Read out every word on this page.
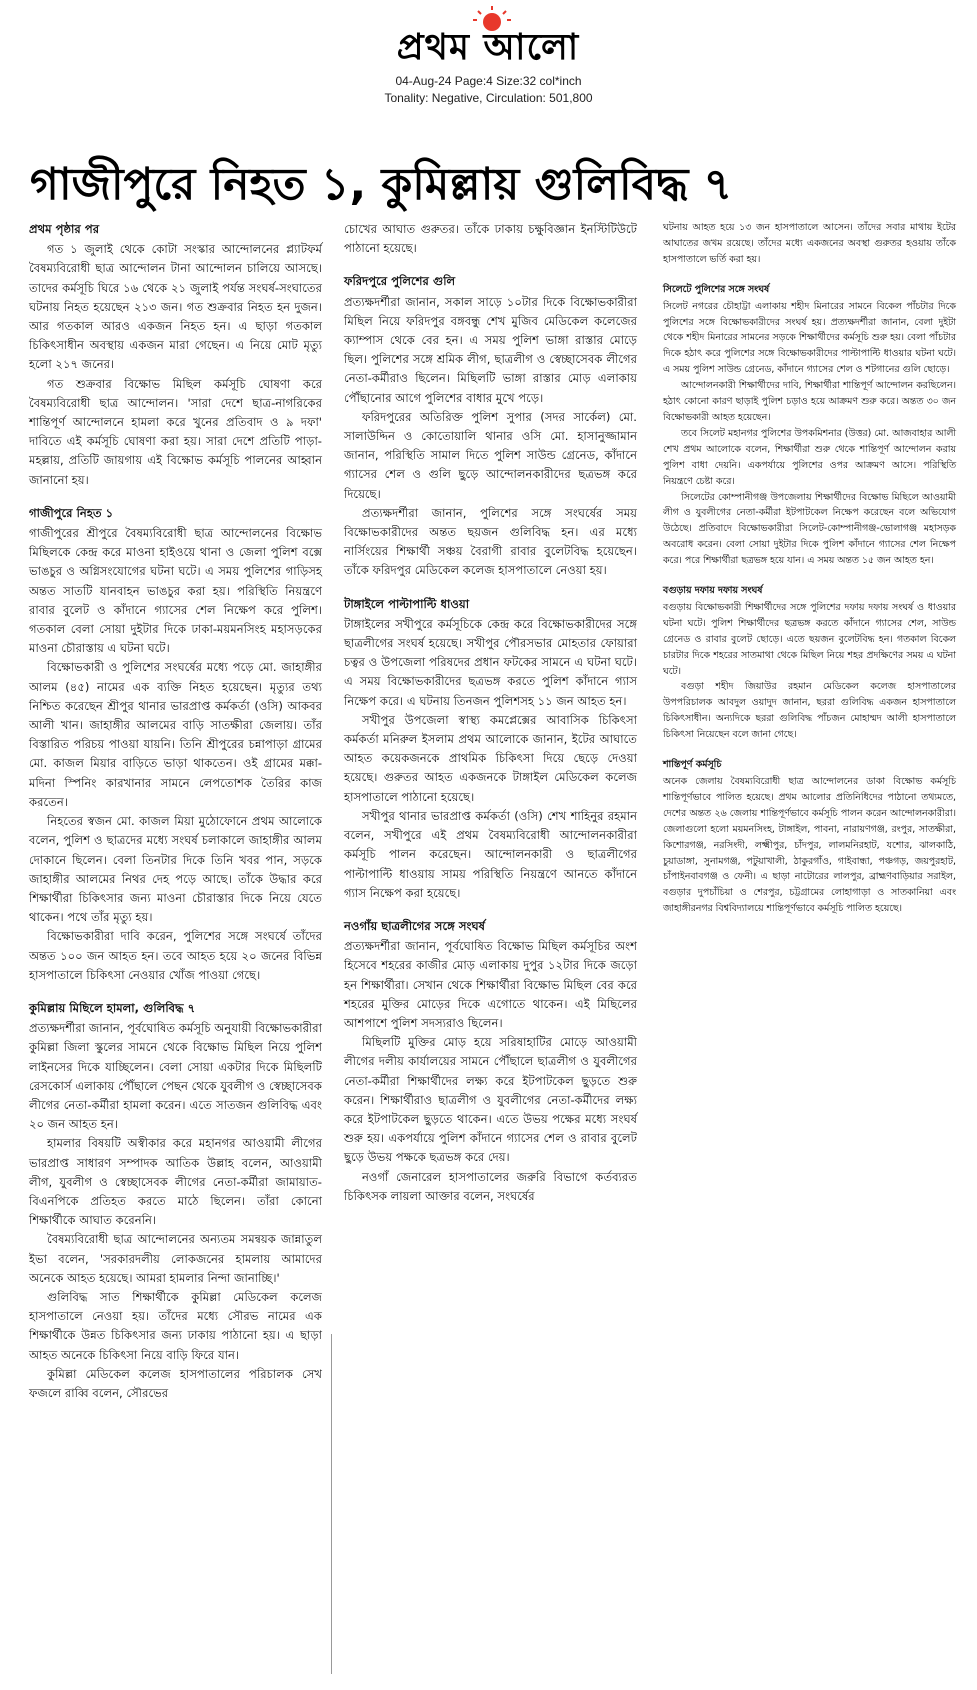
প্রথম আলো
04-Aug-24 Page:4 Size:32 col*inch
Tonality: Negative, Circulation: 501,800
গাজীপুরে নিহত ১, কুমিল্লায় গুলিবিদ্ধ ৭
প্রথম পৃষ্ঠার পর

গত ১ জুলাই থেকে কোটা সংস্কার আন্দোলনের প্ল্যাটফর্ম বৈষম্যবিরোধী ছাত্র আন্দোলন টানা আন্দোলন চালিয়ে আসছে। তাদের কর্মসূচি ঘিরে ১৬ থেকে ২১ জুলাই পর্যন্ত সংঘর্ষ-সংঘাতের ঘটনায় নিহত হয়েছেন ২১৩ জন। গত শুক্রবার নিহত হন দুজন। আর গতকাল আরও একজন নিহত হন। এ ছাড়া গতকাল চিকিৎসাধীন অবস্থায় একজন মারা গেছেন। এ নিয়ে মোট মৃত্যু হলো ২১৭ জনের।

গত শুক্রবার বিক্ষোভ মিছিল কর্মসূচি ঘোষণা করে বৈষম্যবিরোধী ছাত্র আন্দোলন। 'সারা দেশে ছাত্র-নাগরিকের শান্তিপূর্ণ আন্দোলনে হামলা করে খুনের প্রতিবাদ ও ৯ দফা' দাবিতে এই কর্মসূচি ঘোষণা করা হয়। সারা দেশে প্রতিটি পাড়া-মহল্লায়, প্রতিটি জায়গায় এই বিক্ষোভ কর্মসূচি পালনের আহ্বান জানানো হয়।

গাজীপুরে নিহত ১

গাজীপুরের শ্রীপুরে বৈষম্যবিরোধী ছাত্র আন্দোলনের বিক্ষোভ মিছিলকে কেন্দ্র করে মাওনা হাইওয়ে থানা ও জেলা পুলিশ বক্সে ভাঙচুর ও অগ্নিসংযোগের ঘটনা ঘটে। এ সময় পুলিশের গাড়িসহ অন্তত সাতটি যানবাহন ভাঙচুর করা হয়। পরিস্থিতি নিয়ন্ত্রণে রাবার বুলেট ও কাঁদানে গ্যাসের শেল নিক্ষেপ করে পুলিশ। গতকাল বেলা সোয়া দুইটার দিকে ঢাকা-ময়মনসিংহ মহাসড়কের মাওনা চৌরাস্তায় এ ঘটনা ঘটে।

বিক্ষোভকারী ও পুলিশের সংঘর্ষের মধ্যে পড়ে মো. জাহাঙ্গীর আলম (৪৫) নামের এক ব্যক্তি নিহত হয়েছেন। মৃত্যুর তথ্য নিশ্চিত করেছেন শ্রীপুর থানার ভারপ্রাপ্ত কর্মকর্তা (ওসি) আকবর আলী খান। জাহাঙ্গীর আলমের বাড়ি সাতক্ষীরা জেলায়। তাঁর বিস্তারিত পরিচয় পাওয়া যায়নি। তিনি শ্রীপুরের চন্নাপাড়া গ্রামের মো. কাজল মিয়ার বাড়িতে ভাড়া থাকতেন। ওই গ্রামের মক্কা-মদিনা স্পিনিং কারখানার সামনে লেপতোশক তৈরির কাজ করতেন।

নিহতের স্বজন মো. কাজল মিয়া মুঠোফোনে প্রথম আলোকে বলেন, পুলিশ ও ছাত্রদের মধ্যে সংঘর্ষ চলাকালে জাহাঙ্গীর আলম দোকানে ছিলেন। বেলা তিনটার দিকে তিনি খবর পান, সড়কে জাহাঙ্গীর আলমের নিথর দেহ পড়ে আছে। তাঁকে উদ্ধার করে শিক্ষার্থীরা চিকিৎসার জন্য মাওনা চৌরাস্তার দিকে নিয়ে যেতে থাকেন। পথে তাঁর মৃত্যু হয়।

বিক্ষোভকারীরা দাবি করেন, পুলিশের সঙ্গে সংঘর্ষে তাঁদের অন্তত ১০০ জন আহত হন। তবে আহত হয়ে ২০ জনের বিভিন্ন হাসপাতালে চিকিৎসা নেওয়ার খোঁজ পাওয়া গেছে।

কুমিল্লায় মিছিলে হামলা, গুলিবিদ্ধ ৭

প্রত্যক্ষদর্শীরা জানান, পূর্বঘোষিত কর্মসূচি অনুযায়ী বিক্ষোভকারীরা কুমিল্লা জিলা স্কুলের সামনে থেকে বিক্ষোভ মিছিল নিয়ে পুলিশ লাইনসের দিকে যাচ্ছিলেন। বেলা সোয়া একটার দিকে মিছিলটি রেসকোর্স এলাকায় পৌঁছালে পেছন থেকে যুবলীগ ও স্বেচ্ছাসেবক লীগের নেতা-কর্মীরা হামলা করেন। এতে সাতজন গুলিবিদ্ধ এবং ২০ জন আহত হন।

হামলার বিষয়টি অস্বীকার করে মহানগর আওয়ামী লীগের ভারপ্রাপ্ত সাধারণ সম্পাদক আতিক উল্লাহ বলেন, আওয়ামী লীগ, যুবলীগ ও স্বেচ্ছাসেবক লীগের নেতা-কর্মীরা জামায়াত-বিএনপিকে প্রতিহত করতে মাঠে ছিলেন। তাঁরা কোনো শিক্ষার্থীকে আঘাত করেননি।

বৈষম্যবিরোধী ছাত্র আন্দোলনের অন্যতম সমন্বয়ক জান্নাতুল ইভা বলেন, 'সরকারদলীয় লোকজনের হামলায় আমাদের অনেকে আহত হয়েছে। আমরা হামলার নিন্দা জানাচ্ছি।'

গুলিবিদ্ধ সাত শিক্ষার্থীকে কুমিল্লা মেডিকেল কলেজ হাসপাতালে নেওয়া হয়। তাঁদের মধ্যে সৌরভ নামের এক শিক্ষার্থীকে উন্নত চিকিৎসার জন্য ঢাকায় পাঠানো হয়। এ ছাড়া আহত অনেকে চিকিৎসা নিয়ে বাড়ি ফিরে যান।

কুমিল্লা মেডিকেল কলেজ হাসপাতালের পরিচালক সেখ ফজলে রাব্বি বলেন, সৌরভের

চোখের আঘাত গুরুতর। তাঁকে ঢাকায় চক্ষুবিজ্ঞান ইনস্টিটিউটে পাঠানো হয়েছে।

ফরিদপুরে পুলিশের গুলি

প্রত্যক্ষদর্শীরা জানান, সকাল সাড়ে ১০টার দিকে বিক্ষোভকারীরা মিছিল নিয়ে ফরিদপুর বঙ্গবন্ধু শেখ মুজিব মেডিকেল কলেজের ক্যাম্পাস থেকে বের হন। এ সময় পুলিশ ভাঙ্গা রাস্তার মোড়ে ছিল। পুলিশের সঙ্গে শ্রমিক লীগ, ছাত্রলীগ ও স্বেচ্ছাসেবক লীগের নেতা-কর্মীরাও ছিলেন। মিছিলটি ভাঙ্গা রাস্তার মোড় এলাকায় পৌঁছানোর আগে পুলিশের বাধার মুখে পড়ে।

ফরিদপুরের অতিরিক্ত পুলিশ সুপার (সদর সার্কেল) মো. সালাউদ্দিন ও কোতোয়ালি থানার ওসি মো. হাসানুজ্জামান জানান, পরিস্থিতি সামাল দিতে পুলিশ সাউন্ড গ্রেনেড, কাঁদানে গ্যাসের শেল ও গুলি ছুড়ে আন্দোলনকারীদের ছত্রভঙ্গ করে দিয়েছে।

প্রত্যক্ষদর্শীরা জানান, পুলিশের সঙ্গে সংঘর্ষের সময় বিক্ষোভকারীদের অন্তত ছয়জন গুলিবিদ্ধ হন। এর মধ্যে নার্সিংয়ের শিক্ষার্থী সঞ্চয় বৈরাগী রাবার বুলেটবিদ্ধ হয়েছেন। তাঁকে ফরিদপুর মেডিকেল কলেজ হাসপাতালে নেওয়া হয়।

টাঙ্গাইলে পাল্টাপাল্টি ধাওয়া

টাঙ্গাইলের সখীপুরে কর্মসূচিকে কেন্দ্র করে বিক্ষোভকারীদের সঙ্গে ছাত্রলীগের সংঘর্ষ হয়েছে। সখীপুর পৌরসভার মোহতার ফোয়ারা চত্বর ও উপজেলা পরিষদের প্রধান ফটকের সামনে এ ঘটনা ঘটে। এ সময় বিক্ষোভকারীদের ছত্রভঙ্গ করতে পুলিশ কাঁদানে গ্যাস নিক্ষেপ করে। এ ঘটনায় তিনজন পুলিশসহ ১১ জন আহত হন।

সখীপুর উপজেলা স্বাস্থ্য কমপ্লেক্সের আবাসিক চিকিৎসা কর্মকর্তা মনিরুল ইসলাম প্রথম আলোকে জানান, ইটের আঘাতে আহত কয়েকজনকে প্রাথমিক চিকিৎসা দিয়ে ছেড়ে দেওয়া হয়েছে। গুরুতর আহত একজনকে টাঙ্গাইল মেডিকেল কলেজ হাসপাতালে পাঠানো হয়েছে।

সখীপুর থানার ভারপ্রাপ্ত কর্মকর্তা (ওসি) শেখ শাহিনুর রহমান বলেন, সখীপুরে এই প্রথম বৈষম্যবিরোধী আন্দোলনকারীরা কর্মসূচি পালন করেছেন। আন্দোলনকারী ও ছাত্রলীগের পাল্টাপাল্টি ধাওয়ায় সাময় পরিস্থিতি নিয়ন্ত্রণে আনতে কাঁদানে গ্যাস নিক্ষেপ করা হয়েছে।

নওগাঁয় ছাত্রলীগের সঙ্গে সংঘর্ষ

প্রত্যক্ষদর্শীরা জানান, পূর্বঘোষিত বিক্ষোভ মিছিল কর্মসূচির অংশ হিসেবে শহরের কাজীর মোড় এলাকায় দুপুর ১২টার দিকে জড়ো হন শিক্ষার্থীরা। সেখান থেকে শিক্ষার্থীরা বিক্ষোভ মিছিল বের করে শহরের মুক্তির মোড়ের দিকে এগোতে থাকেন। এই মিছিলের আশপাশে পুলিশ সদস্যরাও ছিলেন।

মিছিলটি মুক্তির মোড় হয়ে সরিষাহাটির মোড়ে আওয়ামী লীগের দলীয় কার্যালয়ের সামনে পৌঁছালে ছাত্রলীগ ও যুবলীগের নেতা-কর্মীরা শিক্ষার্থীদের লক্ষ্য করে ইটপাটকেল ছুড়তে শুরু করেন। শিক্ষার্থীরাও ছাত্রলীগ ও যুবলীগের নেতা-কর্মীদের লক্ষ্য করে ইটপাটকেল ছুড়তে থাকেন। এতে উভয় পক্ষের মধ্যে সংঘর্ষ শুরু হয়। একপর্যায়ে পুলিশ কাঁদানে গ্যাসের শেল ও রাবার বুলেট ছুড়ে উভয় পক্ষকে ছত্রভঙ্গ করে দেয়।

নওগাঁ জেনারেল হাসপাতালের জরুরি বিভাগে কর্তব্যরত চিকিৎসক লায়লা আক্তার বলেন, সংঘর্ষের

ঘটনায় আহত হয়ে ১৩ জন হাসপাতালে আসেন। তাঁদের সবার মাথায় ইটের আঘাতের জখম রয়েছে। তাঁদের মধ্যে একজনের অবস্থা গুরুতর হওয়ায় তাঁকে হাসপাতালে ভর্তি করা হয়।

সিলেটে পুলিশের সঙ্গে সংঘর্ষ

সিলেট নগরের চৌহাট্টা এলাকায় শহীদ মিনারের সামনে বিকেল পাঁচটার দিকে পুলিশের সঙ্গে বিক্ষোভকারীদের সংঘর্ষ হয়। প্রত্যক্ষদর্শীরা জানান, বেলা দুইটা থেকে শহীদ মিনারের সামনের সড়কে শিক্ষার্থীদের কর্মসূচি শুরু হয়। বেলা পাঁচটার দিকে হঠাৎ করে পুলিশের সঙ্গে বিক্ষোভকারীদের পাল্টাপাল্টি ধাওয়ার ঘটনা ঘটে। এ সময় পুলিশ সাউন্ড গ্রেনেড, কাঁদানে গ্যাসের শেল ও শটগানের গুলি ছোড়ে।

আন্দোলনকারী শিক্ষার্থীদের দাবি, শিক্ষার্থীরা শান্তিপূর্ণ আন্দোলন করছিলেন। হঠাৎ কোনো কারণ ছাড়াই পুলিশ চড়াও হয়ে আক্রমণ শুরু করে। অন্তত ৩০ জন বিক্ষোভকারী আহত হয়েছেন।

তবে সিলেট মহানগর পুলিশের উপকমিশনার (উত্তর) মো. আজবাহার আলী শেখ প্রথম আলোকে বলেন, শিক্ষার্থীরা শুরু থেকে শান্তিপূর্ণ আন্দোলন করায় পুলিশ বাধা দেয়নি। একপর্যায়ে পুলিশের ওপর আক্রমণ আসে। পরিস্থিতি নিয়ন্ত্রণে চেষ্টা করে।

সিলেটের কোম্পানীগঞ্জ উপজেলায় শিক্ষার্থীদের বিক্ষোভ মিছিলে আওয়ামী লীগ ও যুবলীগের নেতা-কর্মীরা ইটপাটকেল নিক্ষেপ করেছেন বলে অভিযোগ উঠেছে। প্রতিবাদে বিক্ষোভকারীরা সিলেট-কোম্পানীগঞ্জ-ভোলাগঞ্জ মহাসড়ক অবরোধ করেন। বেলা সোয়া দুইটার দিকে পুলিশ কাঁদানে গ্যাসের শেল নিক্ষেপ করে। পরে শিক্ষার্থীরা ছত্রভঙ্গ হয়ে যান। এ সময় অন্তত ১৫ জন আহত হন।

বগুড়ায় দফায় দফায় সংঘর্ষ

বগুড়ায় বিক্ষোভকারী শিক্ষার্থীদের সঙ্গে পুলিশের দফায় দফায় সংঘর্ষ ও ধাওয়ার ঘটনা ঘটে। পুলিশ শিক্ষার্থীদের ছত্রভঙ্গ করতে কাঁদানে গ্যাসের শেল, সাউন্ড গ্রেনেড ও রাবার বুলেট ছোড়ে। এতে ছয়জন বুলেটবিদ্ধ হন। গতকাল বিকেল চারটার দিকে শহরের সাতমাথা থেকে মিছিল নিয়ে শহর প্রদক্ষিণের সময় এ ঘটনা ঘটে।

বগুড়া শহীদ জিয়াউর রহমান মেডিকেল কলেজ হাসপাতালের উপপরিচালক আবদুল ওয়াদুদ জানান, ছররা গুলিবিদ্ধ একজন হাসপাতালে চিকিৎসাধীন। অন্যদিকে ছররা গুলিবিদ্ধ পাঁচজন মোহাম্মদ আলী হাসপাতালে চিকিৎসা নিয়েছেন বলে জানা গেছে।

শান্তিপূর্ণ কর্মসূচি

অনেক জেলায় বৈষম্যবিরোধী ছাত্র আন্দোলনের ডাকা বিক্ষোভ কর্মসূচি শান্তিপূর্ণভাবে পালিত হয়েছে। প্রথম আলোর প্রতিনিধিদের পাঠানো তথ্যমতে, দেশের অন্তত ২৬ জেলায় শান্তিপূর্ণভাবে কর্মসূচি পালন করেন আন্দোলনকারীরা। জেলাগুলো হলো ময়মনসিংহ, টাঙ্গাইল, পাবনা, নারায়ণগঞ্জ, রংপুর, সাতক্ষীরা, কিশোরগঞ্জ, নরসিংদী, লক্ষ্মীপুর, চাঁদপুর, লালমনিরহাট, যশোর, ঝালকাঠি, চুয়াডাঙ্গা, সুনামগঞ্জ, পটুয়াখালী, ঠাকুরগাঁও, গাইবান্ধা, পঞ্চগড়, জয়পুরহাট, চাঁপাইনবাবগঞ্জ ও ফেনী। এ ছাড়া নাটোরের লালপুর, ব্রাহ্মণবাড়িয়ার সরাইল, বগুড়ার দুপচাঁচিয়া ও শেরপুর, চট্টগ্রামের লোহাগাড়া ও সাতকানিয়া এবং জাহাঙ্গীরনগর বিশ্ববিদ্যালয়ে শান্তিপূর্ণভাবে কর্মসূচি পালিত হয়েছে।
